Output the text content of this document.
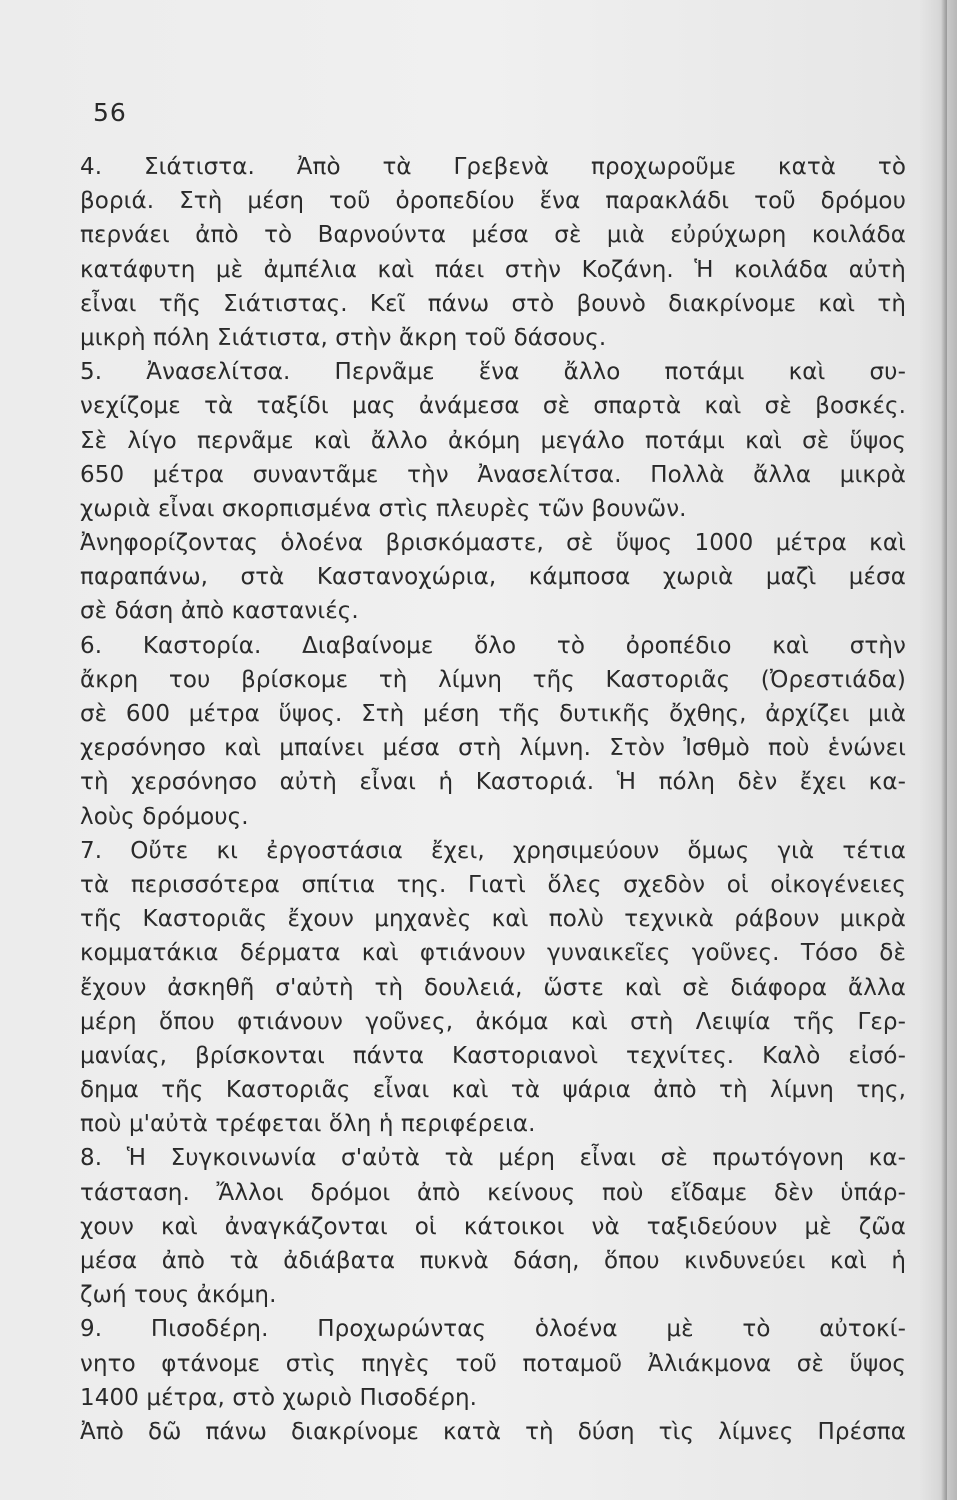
56
4. Σιάτιστα. Ἀπὸ τὰ Γρεβενὰ προχωροῦμε κατὰ τὸ
βοριά. Στὴ μέση τοῦ ὀροπεδίου ἕνα παρακλάδι τοῦ δρόμου
περνάει ἀπὸ τὸ Βαρνούντα μέσα σὲ μιὰ εὐρύχωρη κοιλάδα
κατάφυτη μὲ ἀμπέλια καὶ πάει στὴν Κοζάνη. Ἡ κοιλάδα αὐτὴ
εἶναι τῆς Σιάτιστας. Κεῖ πάνω στὸ βουνὸ διακρίνομε καὶ τὴ
μικρὴ πόλη Σιάτιστα, στὴν ἄκρη τοῦ δάσους.
5. Ἀνασελίτσα. Περνᾶμε ἕνα ἄλλο ποτάμι καὶ συ-
νεχίζομε τὰ ταξίδι μας ἀνάμεσα σὲ σπαρτὰ καὶ σὲ βοσκές.
Σὲ λίγο περνᾶμε καὶ ἄλλο ἀκόμη μεγάλο ποτάμι καὶ σὲ ὕψος
650 μέτρα συναντᾶμε τὴν Ἀνασελίτσα. Πολλὰ ἄλλα μικρὰ
χωριὰ εἶναι σκορπισμένα στὶς πλευρὲς τῶν βουνῶν.
Ἀνηφορίζοντας ὁλοένα βρισκόμαστε, σὲ ὕψος 1000 μέτρα καὶ
παραπάνω, στὰ Καστανοχώρια, κάμποσα χωριὰ μαζὶ μέσα
σὲ δάση ἀπὸ καστανιές.
6. Καστορία. Διαβαίνομε ὅλο τὸ ὀροπέδιο καὶ στὴν
ἄκρη του βρίσκομε τὴ λίμνη τῆς Καστοριᾶς (Ὀρεστιάδα)
σὲ 600 μέτρα ὕψος. Στὴ μέση τῆς δυτικῆς ὄχθης, ἀρχίζει μιὰ
χερσόνησο καὶ μπαίνει μέσα στὴ λίμνη. Στὸν Ἰσθμὸ ποὺ ἑνώνει
τὴ χερσόνησο αὐτὴ εἶναι ἡ Καστοριά. Ἡ πόλη δὲν ἔχει κα-
λοὺς δρόμους.
7. Οὔτε κι ἐργοστάσια ἔχει, χρησιμεύουν ὅμως γιὰ τέτια
τὰ περισσότερα σπίτια της. Γιατὶ ὅλες σχεδὸν οἱ οἰκογένειες
τῆς Καστοριᾶς ἔχουν μηχανὲς καὶ πολὺ τεχνικὰ ράβουν μικρὰ
κομματάκια δέρματα καὶ φτιάνουν γυναικεῖες γοῦνες. Τόσο δὲ
ἔχουν ἀσκηθῆ σ'αὐτὴ τὴ δουλειά, ὥστε καὶ σὲ διάφορα ἄλλα
μέρη ὅπου φτιάνουν γοῦνες, ἀκόμα καὶ στὴ Λειψία τῆς Γερ-
μανίας, βρίσκονται πάντα Καστοριανοὶ τεχνίτες. Καλὸ εἰσό-
δημα τῆς Καστοριᾶς εἶναι καὶ τὰ ψάρια ἀπὸ τὴ λίμνη της,
ποὺ μ'αὐτὰ τρέφεται ὅλη ἡ περιφέρεια.
8. Ἡ Συγκοινωνία σ'αὐτὰ τὰ μέρη εἶναι σὲ πρωτόγονη κα-
τάσταση. Ἄλλοι δρόμοι ἀπὸ κείνους ποὺ εἴδαμε δὲν ὑπάρ-
χουν καὶ ἀναγκάζονται οἱ κάτοικοι νὰ ταξιδεύουν μὲ ζῶα
μέσα ἀπὸ τὰ ἀδιάβατα πυκνὰ δάση, ὅπου κινδυνεύει καὶ ἡ
ζωή τους ἀκόμη.
9. Πισοδέρη. Προχωρώντας ὁλοένα μὲ τὸ αὐτοκί-
νητο φτάνομε στὶς πηγὲς τοῦ ποταμοῦ Ἀλιάκμονα σὲ ὕψος
1400 μέτρα, στὸ χωριὸ Πισοδέρη.
Ἀπὸ δῶ πάνω διακρίνομε κατὰ τὴ δύση τὶς λίμνες Πρέσπα
